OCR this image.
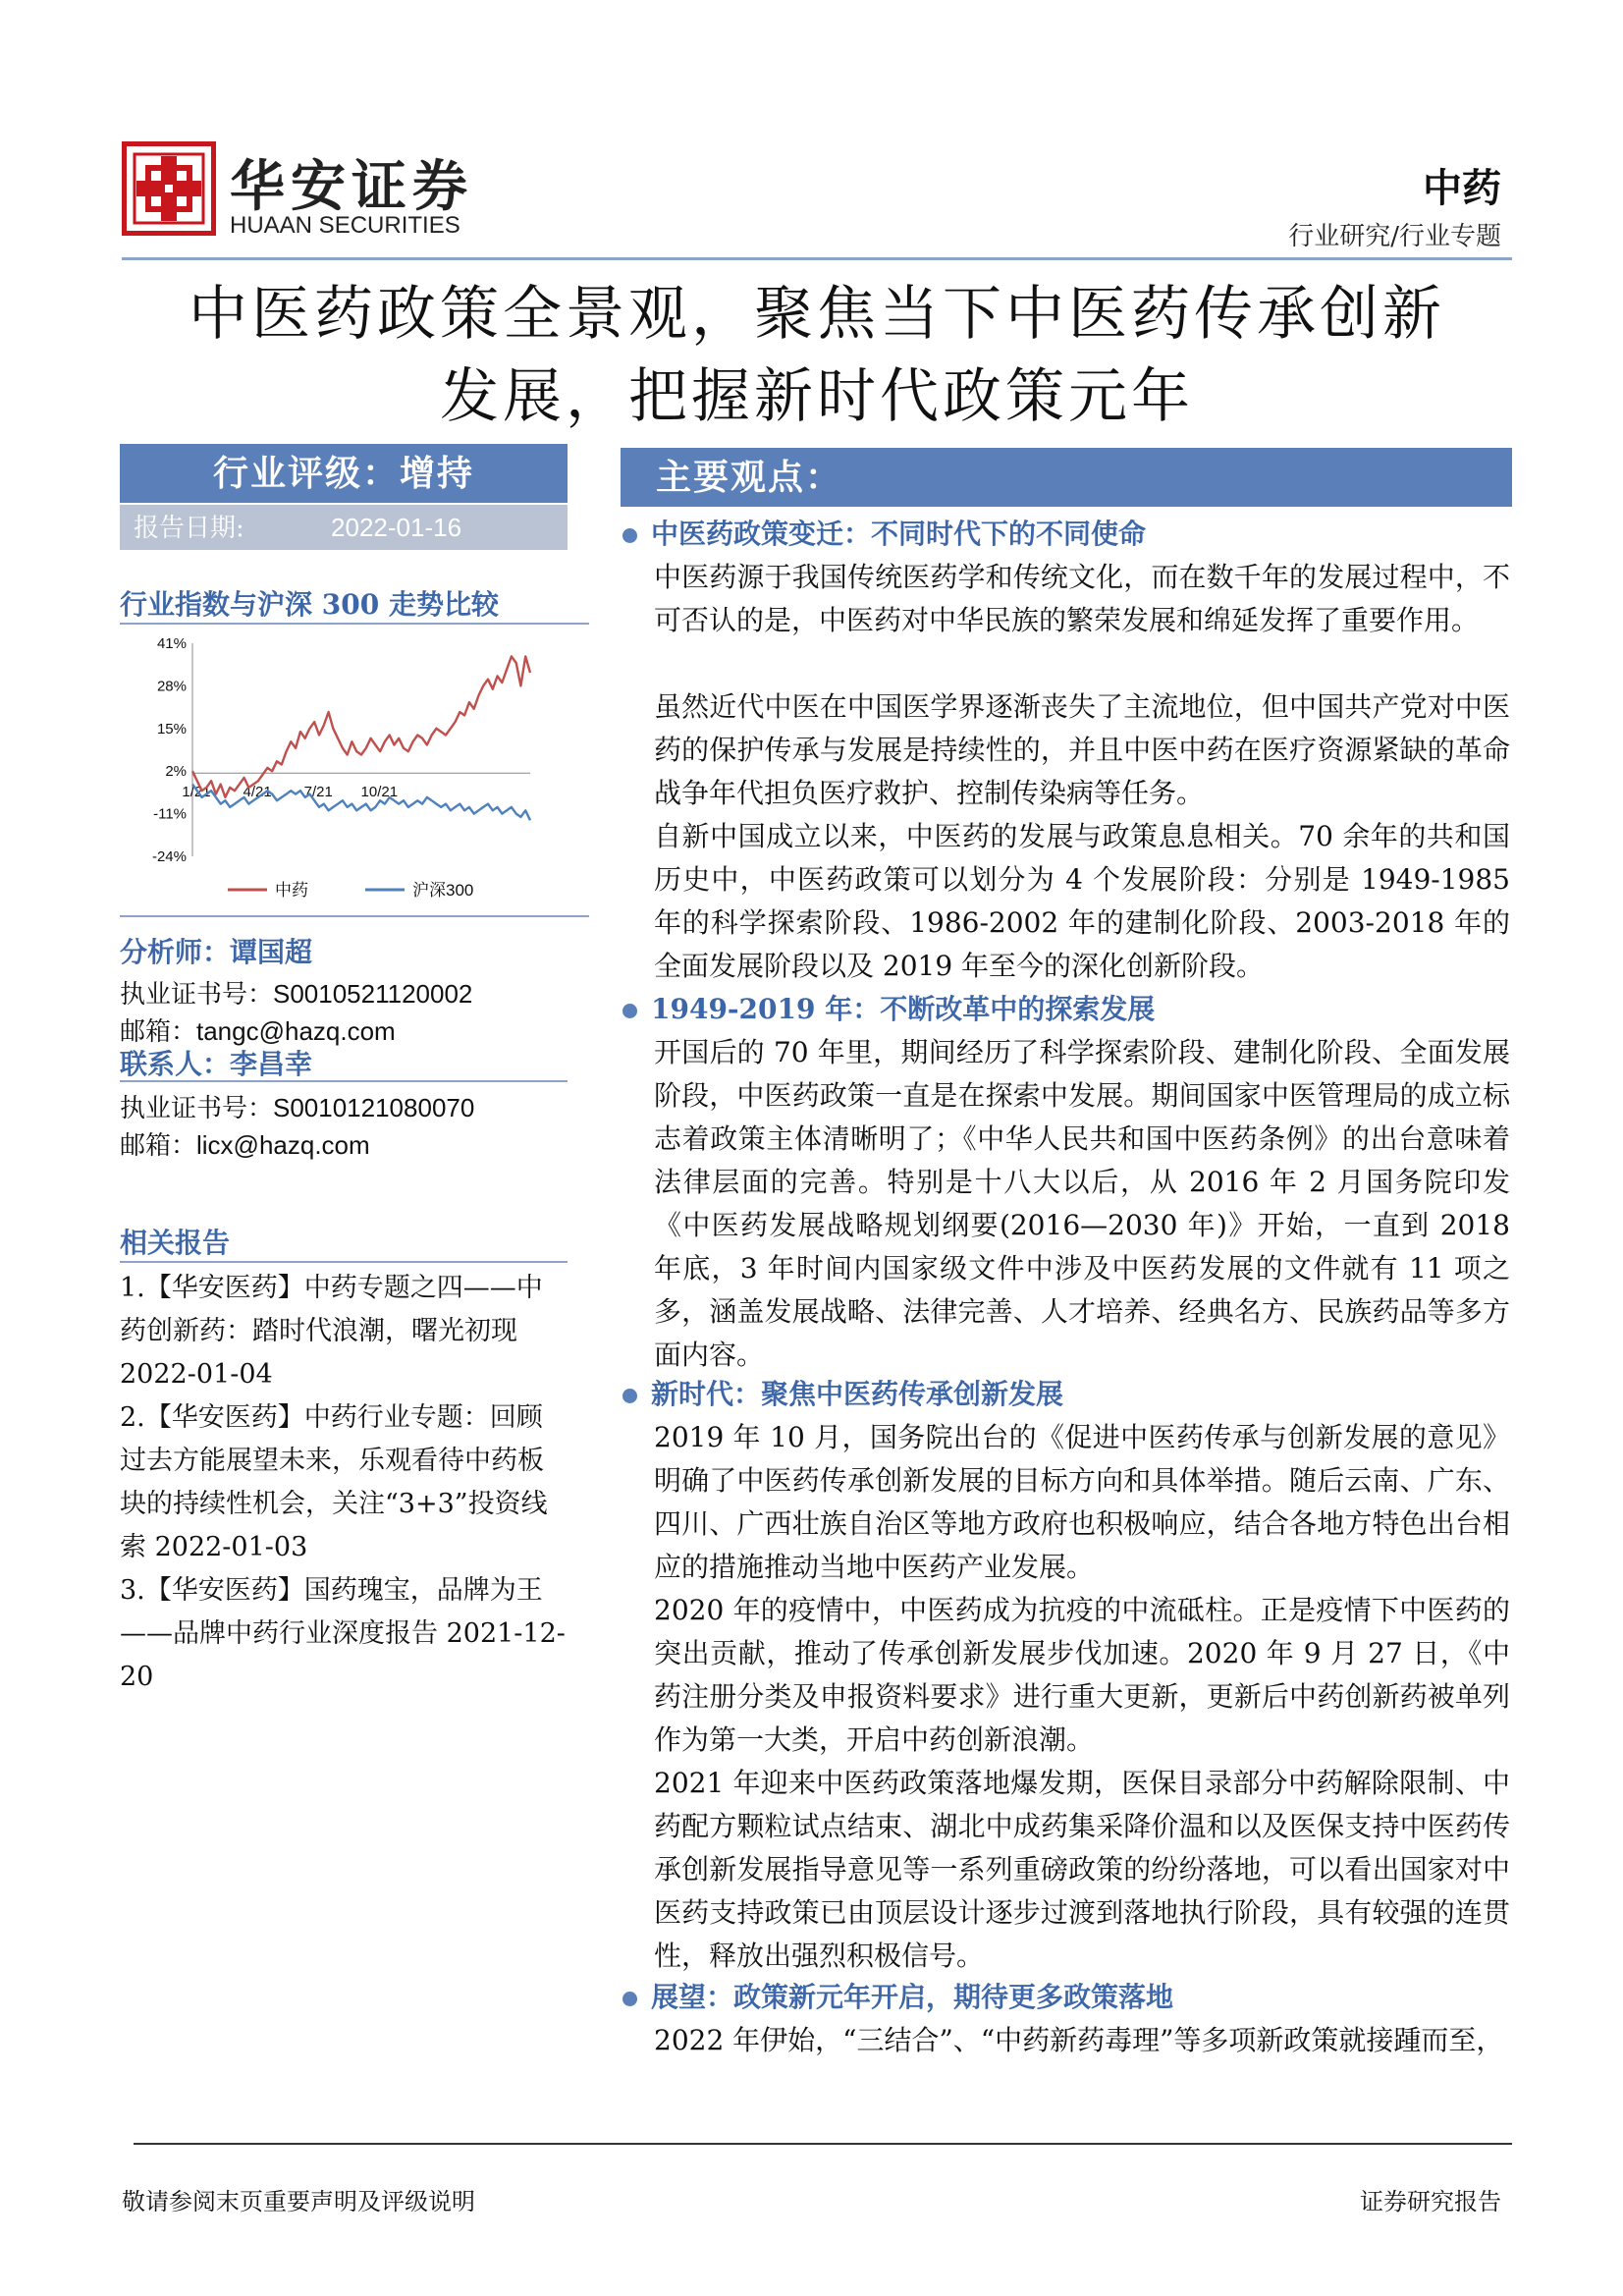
华安证券
HUAAN SECURITIES
中药
行业研究/行业专题
中医药政策全景观，聚焦当下中医药传承创新
发展，把握新时代政策元年
行业评级：增持
报告日期:	2022-01-16
行业指数与沪深 300 走势比较
41%
28%
15%
2%
-11%
-24%
1/21 4/21 7/21 10/21
中药	沪深300
分析师：谭国超
执业证书号：S0010521120002
邮箱：tangc@hazq.com
联系人：李昌幸
执业证书号：S0010121080070
邮箱：licx@hazq.com
相关报告
1.【华安医药】中药专题之四——中药创新药：踏时代浪潮，曙光初现 2022-01-04
2.【华安医药】中药行业专题：回顾过去方能展望未来，乐观看待中药板块的持续性机会，关注“3+3”投资线索 2022-01-03
3.【华安医药】国药瑰宝，品牌为王——品牌中药行业深度报告 2021-12-20
主要观点：
中医药政策变迁：不同时代下的不同使命
中医药源于我国传统医药学和传统文化，而在数千年的发展过程中，不可否认的是，中医药对中华民族的繁荣发展和绵延发挥了重要作用。
虽然近代中医在中国医学界逐渐丧失了主流地位，但中国共产党对中医药的保护传承与发展是持续性的，并且中医中药在医疗资源紧缺的革命战争年代担负医疗救护、控制传染病等任务。
自新中国成立以来，中医药的发展与政策息息相关。70 余年的共和国历史中，中医药政策可以划分为 4 个发展阶段：分别是 1949-1985 年的科学探索阶段、1986-2002 年的建制化阶段、2003-2018 年的全面发展阶段以及 2019 年至今的深化创新阶段。
1949-2019 年：不断改革中的探索发展
开国后的 70 年里，期间经历了科学探索阶段、建制化阶段、全面发展阶段，中医药政策一直是在探索中发展。期间国家中医管理局的成立标志着政策主体清晰明了；《中华人民共和国中医药条例》的出台意味着法律层面的完善。特别是十八大以后，从 2016 年 2 月国务院印发《中医药发展战略规划纲要(2016—2030 年)》开始，一直到 2018 年底，3 年时间内国家级文件中涉及中医药发展的文件就有 11 项之多，涵盖发展战略、法律完善、人才培养、经典名方、民族药品等多方面内容。
新时代：聚焦中医药传承创新发展
2019 年 10 月，国务院出台的《促进中医药传承与创新发展的意见》明确了中医药传承创新发展的目标方向和具体举措。随后云南、广东、四川、广西壮族自治区等地方政府也积极响应，结合各地方特色出台相应的措施推动当地中医药产业发展。
2020 年的疫情中，中医药成为抗疫的中流砥柱。正是疫情下中医药的突出贡献，推动了传承创新发展步伐加速。2020 年 9 月 27 日，《中药注册分类及申报资料要求》进行重大更新，更新后中药创新药被单列作为第一大类，开启中药创新浪潮。
2021 年迎来中医药政策落地爆发期，医保目录部分中药解除限制、中药配方颗粒试点结束、湖北中成药集采降价温和以及医保支持中医药传承创新发展指导意见等一系列重磅政策的纷纷落地，可以看出国家对中医药支持政策已由顶层设计逐步过渡到落地执行阶段，具有较强的连贯性，释放出强烈积极信号。
展望：政策新元年开启，期待更多政策落地
2022 年伊始，“三结合”、“中药新药毒理”等多项新政策就接踵而至，
敬请参阅末页重要声明及评级说明	证券研究报告
